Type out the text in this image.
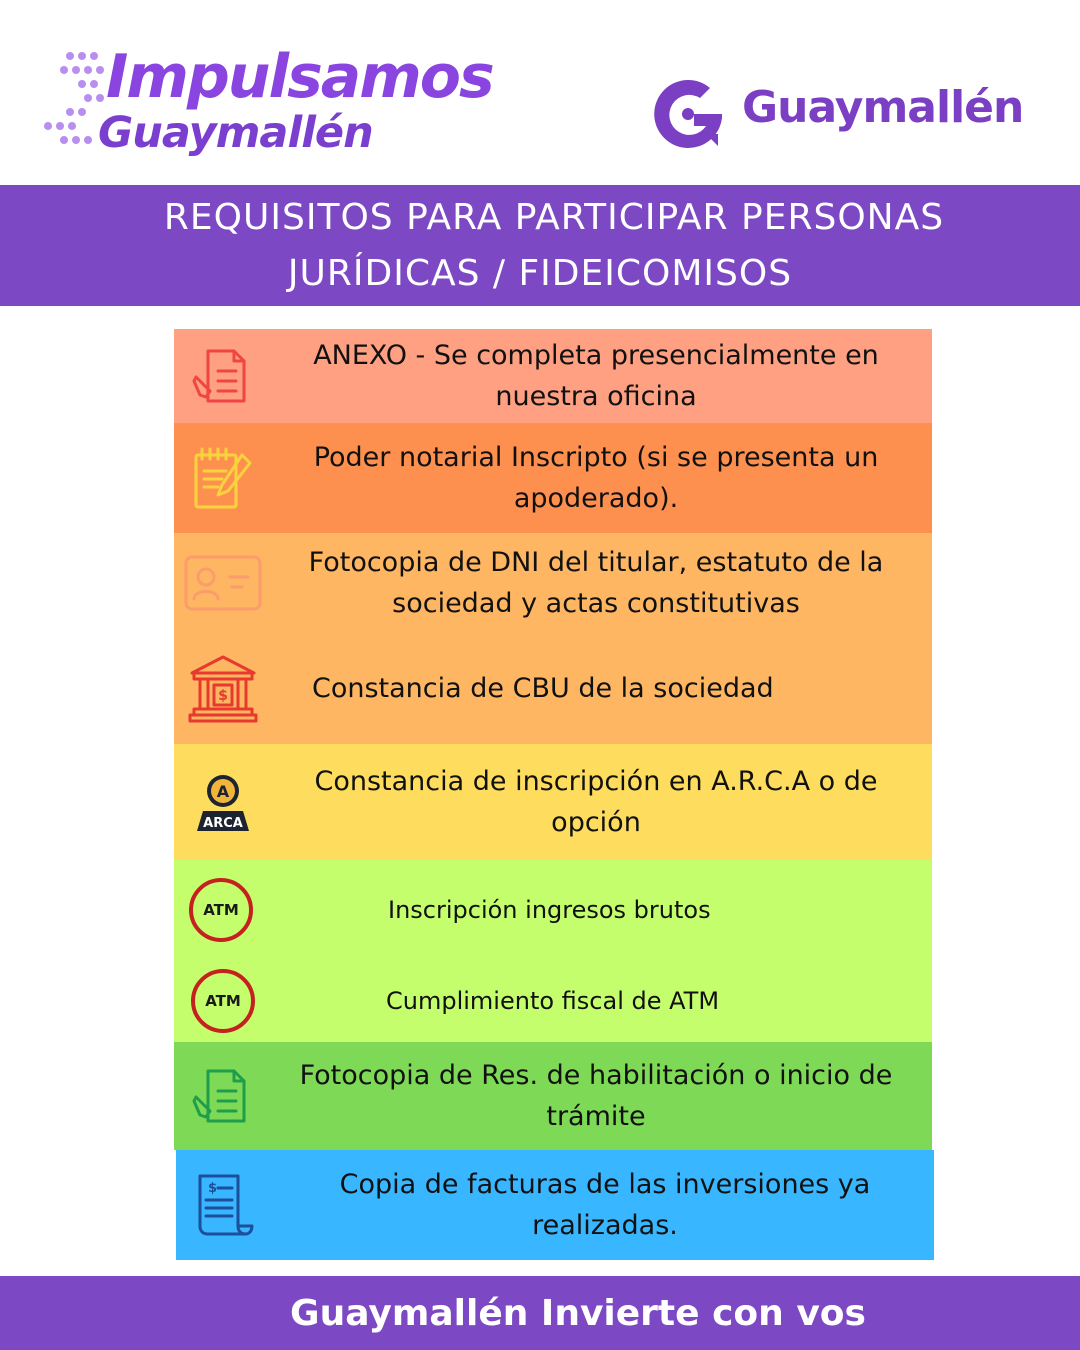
Impulsamos
Guaymallén	Guaymallén
REQUISITOS PARA PARTICIPAR PERSONAS
JURÍDICAS / FIDEICOMISOS
ANEXO - Se completa presencialmente en nuestra oficina
Poder notarial Inscripto (si se presenta un apoderado).
Fotocopia de DNI del titular, estatuto de la sociedad y actas constitutivas
$	Constancia de CBU de la sociedad
A
ARCA
Constancia de inscripción en A.R.C.A o de opción
ATM	Inscripción ingresos brutos
ATM	Cumplimiento fiscal de ATM
Fotocopia de Res. de habilitación o inicio de trámite
$	Copia de facturas de las inversiones ya realizadas.
Guaymallén Invierte con vos
